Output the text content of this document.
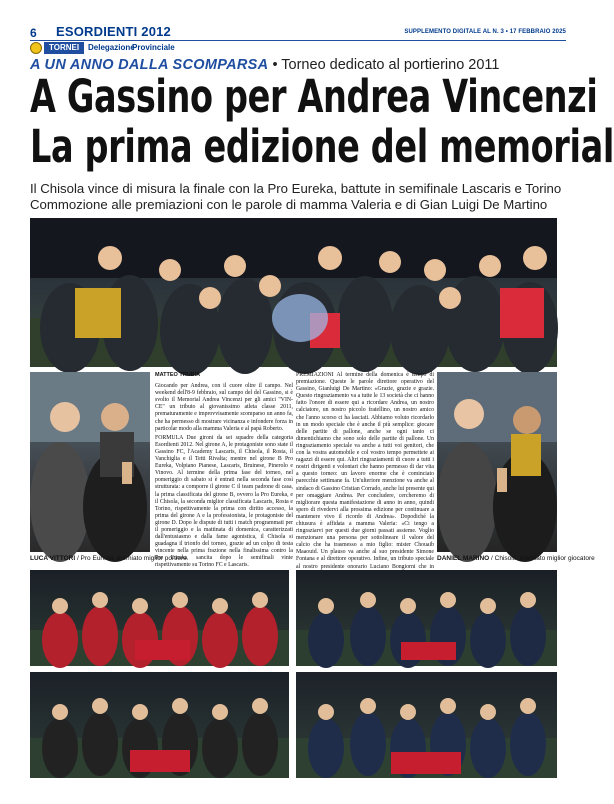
6 ESORDIENTI 2012	SUPPLEMENTO DIGITALE AL N. 3 • 17 FEBBRAIO 2025
TORNEI	Delegazione
Provinciale
A UN ANNO DALLA SCOMPARSA • Torneo dedicato al portierino 2011
A Gassino per Andrea Vincenzi
La prima edizione del memorial
Il Chisola vince di misura la finale con la Pro Eureka, battute in semifinale Lascaris e Torino
Commozione alle premiazioni con le parole di mamma Valeria e di Gian Luigi De Martino
LUCA VITTORI / Pro Eureka, premiato miglior portiere	DANIEL MARINO / Chisola, premiato miglior giocatore
MATTEO TRUBIA

Giocando per Andrea, con il cuore oltre il campo. Nel weekend dell'8-9 febbraio, sul campo del del Gassino, si è svolto il Memorial Andrea Vincenzi per gli amici "VIN-CE" un tributo al giovanissimo atleta classe 2011, prematuramente e improvvisamente scomparso un anno fa, che ha permesso di mostrare vicinanza e infondere forza in particolar modo alla mamma Valeria e al papà Roberto.

FORMULA Due gironi da sei squadre della categoria Esordienti 2012. Nel girone A, le protagoniste sono state il Gassino FC, l'Academy Lascaris, il Chisola, il Rosta, il Vanchiglia e il Tetti Rivalta; mentre nel girone B Pro Eureka, Volpiano Pianese, Lascaris, Bruinese, Pinerolo e Vinovo. Al termine della prima fase del torneo, nel pomeriggio di sabato si è entrati nella seconda fase così strutturata: a comporre il girone C il team padrone di casa, la prima classificata del girone B, ovvero la Pro Eureka, e il Chisola, la seconda miglior classificata Lascaris, Rosta e Torino, rispettivamente la prima con diritto accesso, la prima del girone A e la professionista, le protagoniste del girone D. Dopo le dispute di tutti i match programmati per il pomeriggio e la mattinata di domenica, caratterizzati dall'entusiasmo e dalla fame agonistica, il Chisola si guadagna il trionfo del torneo, grazie ad un colpo di testa vincente nella prima frazione nella finalissima contro la Pro Eureka, sancita dopo le semifinali vinte rispettivamente su Torino FC e Lascaris.

PREMIAZIONI Al termine della domenica è tempo di premiazione. Queste le parole direttore operativo del Gassino, Gianluigi De Martino: «Grazie, grazie e grazie. Questo ringraziamento va a tutte le 13 società che ci hanno fatto l'onore di essere qui a ricordare Andrea, un nostro calciatore, un nostro piccolo fratellino, un nostro amico che l'anno scorso ci ha lasciati. Abbiamo voluto ricordarlo in un modo speciale che è anche il più semplice: giocare delle partite di pallone, anche se ogni tanto ci dimentichiamo che sono solo delle partite di pallone. Un ringraziamento speciale va anche a tutti voi genitori, che con la vostra automobile e col vostro tempo permettete ai ragazzi di essere qui. Altri ringraziamenti di cuore a tutti i nostri dirigenti e volontari che hanno permesso di dar vita a questo torneo: un lavoro enorme che è cominciato parecchie settimane fa. Un'ulteriore menzione va anche al sindaco di Gassino Cristian Corrado, anche lui presente qui per omaggiare Andrea. Per concludere, cercheremo di migliorare questa manifestazione di anno in anno, quindi spero di rivedervi alla prossima edizione per continuare a mantenere vivo il ricordo di Andrea». Dopodiché la chiusura è affidata a mamma Valeria: «Ci tengo a ringraziarvi per questi due giorni passati assieme. Voglio menzionare una persona per sottolineare il valore del calcio che ha trasmesso a mio figlio: mister Chouaib Maaouid. Un plauso va anche al suo presidente Simone Fontana e al direttore operativo. Infine, un tributo speciale al nostro presidente onorario Luciano Bongiorni che in
